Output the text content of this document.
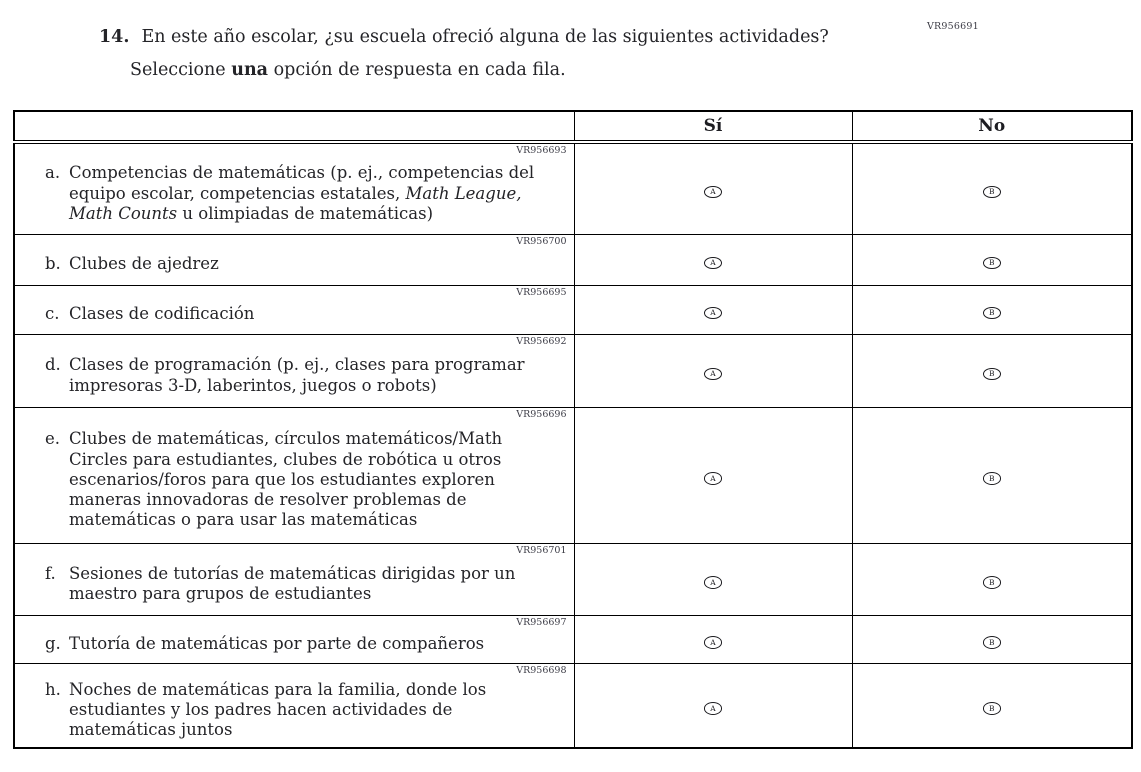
VR956691
14. En este año escolar, ¿su escuela ofreció alguna de las siguientes actividades?
Seleccione una opción de respuesta en cada fila.
	Sí	No

VR956693
a. Competencias de matemáticas (p. ej., competencias del equipo escolar, competencias estatales, Math League, Math Counts u olimpiadas de matemáticas)	A	B

VR956700
b. Clubes de ajedrez	A	B

VR956695
c. Clases de codificación	A	B

VR956692
d. Clases de programación (p. ej., clases para programar impresoras 3-D, laberintos, juegos o robots)	A	B

VR956696
e. Clubes de matemáticas, círculos matemáticos/Math Circles para estudiantes, clubes de robótica u otros escenarios/foros para que los estudiantes exploren maneras innovadoras de resolver problemas de matemáticas o para usar las matemáticas	A	B

VR956701
f. Sesiones de tutorías de matemáticas dirigidas por un maestro para grupos de estudiantes	A	B

VR956697
g. Tutoría de matemáticas por parte de compañeros	A	B

VR956698
h. Noches de matemáticas para la familia, donde los estudiantes y los padres hacen actividades de matemáticas juntos	A	B
